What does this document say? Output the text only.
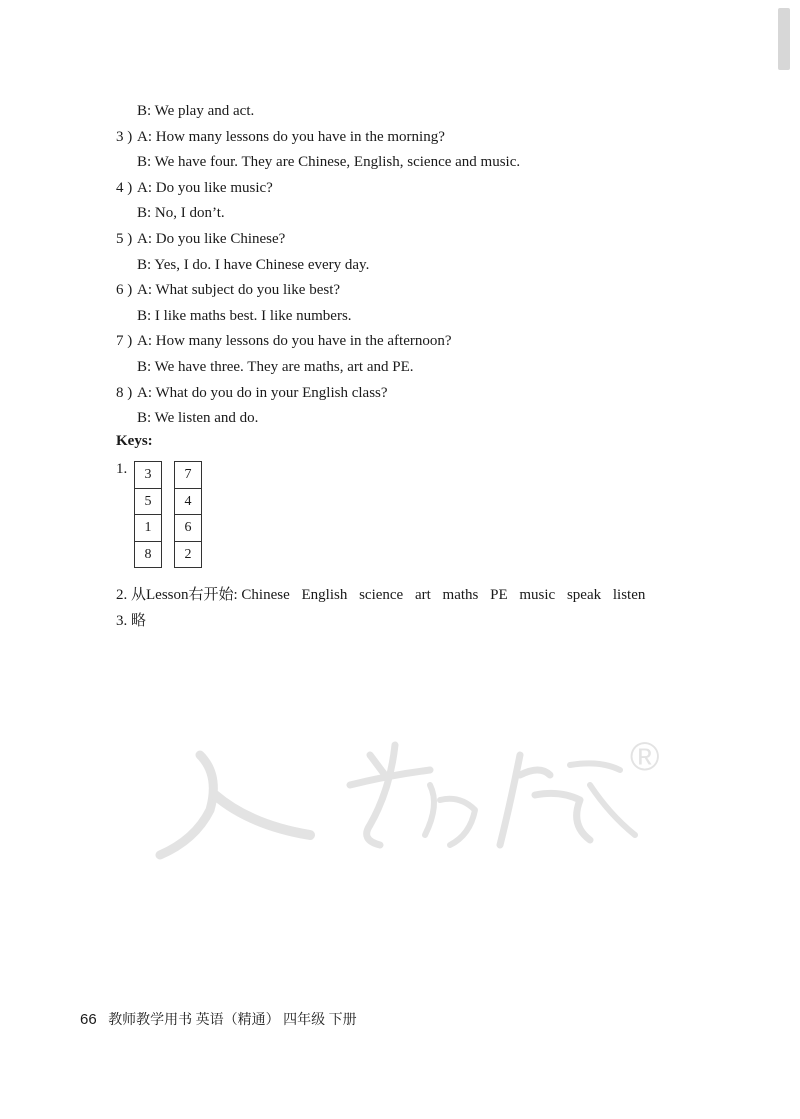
B: We play and act.
3 ) A: How many lessons do you have in the morning?
B: We have four. They are Chinese, English, science and music.
4 ) A: Do you like music?
B: No, I don’t.
5 ) A: Do you like Chinese?
B: Yes, I do. I have Chinese every day.
6 ) A: What subject do you like best?
B: I like maths best. I like numbers.
7 ) A: How many lessons do you have in the afternoon?
B: We have three. They are maths, art and PE.
8 ) A: What do you do in your English class?
B: We listen and do.
Keys:
1.	3
5
1
8
7
4
6
2
2. 从Lesson右开始: Chinese English science art maths PE music speak listen
3. 略
®
66 教师教学用书 英语（精通） 四年级 下册
